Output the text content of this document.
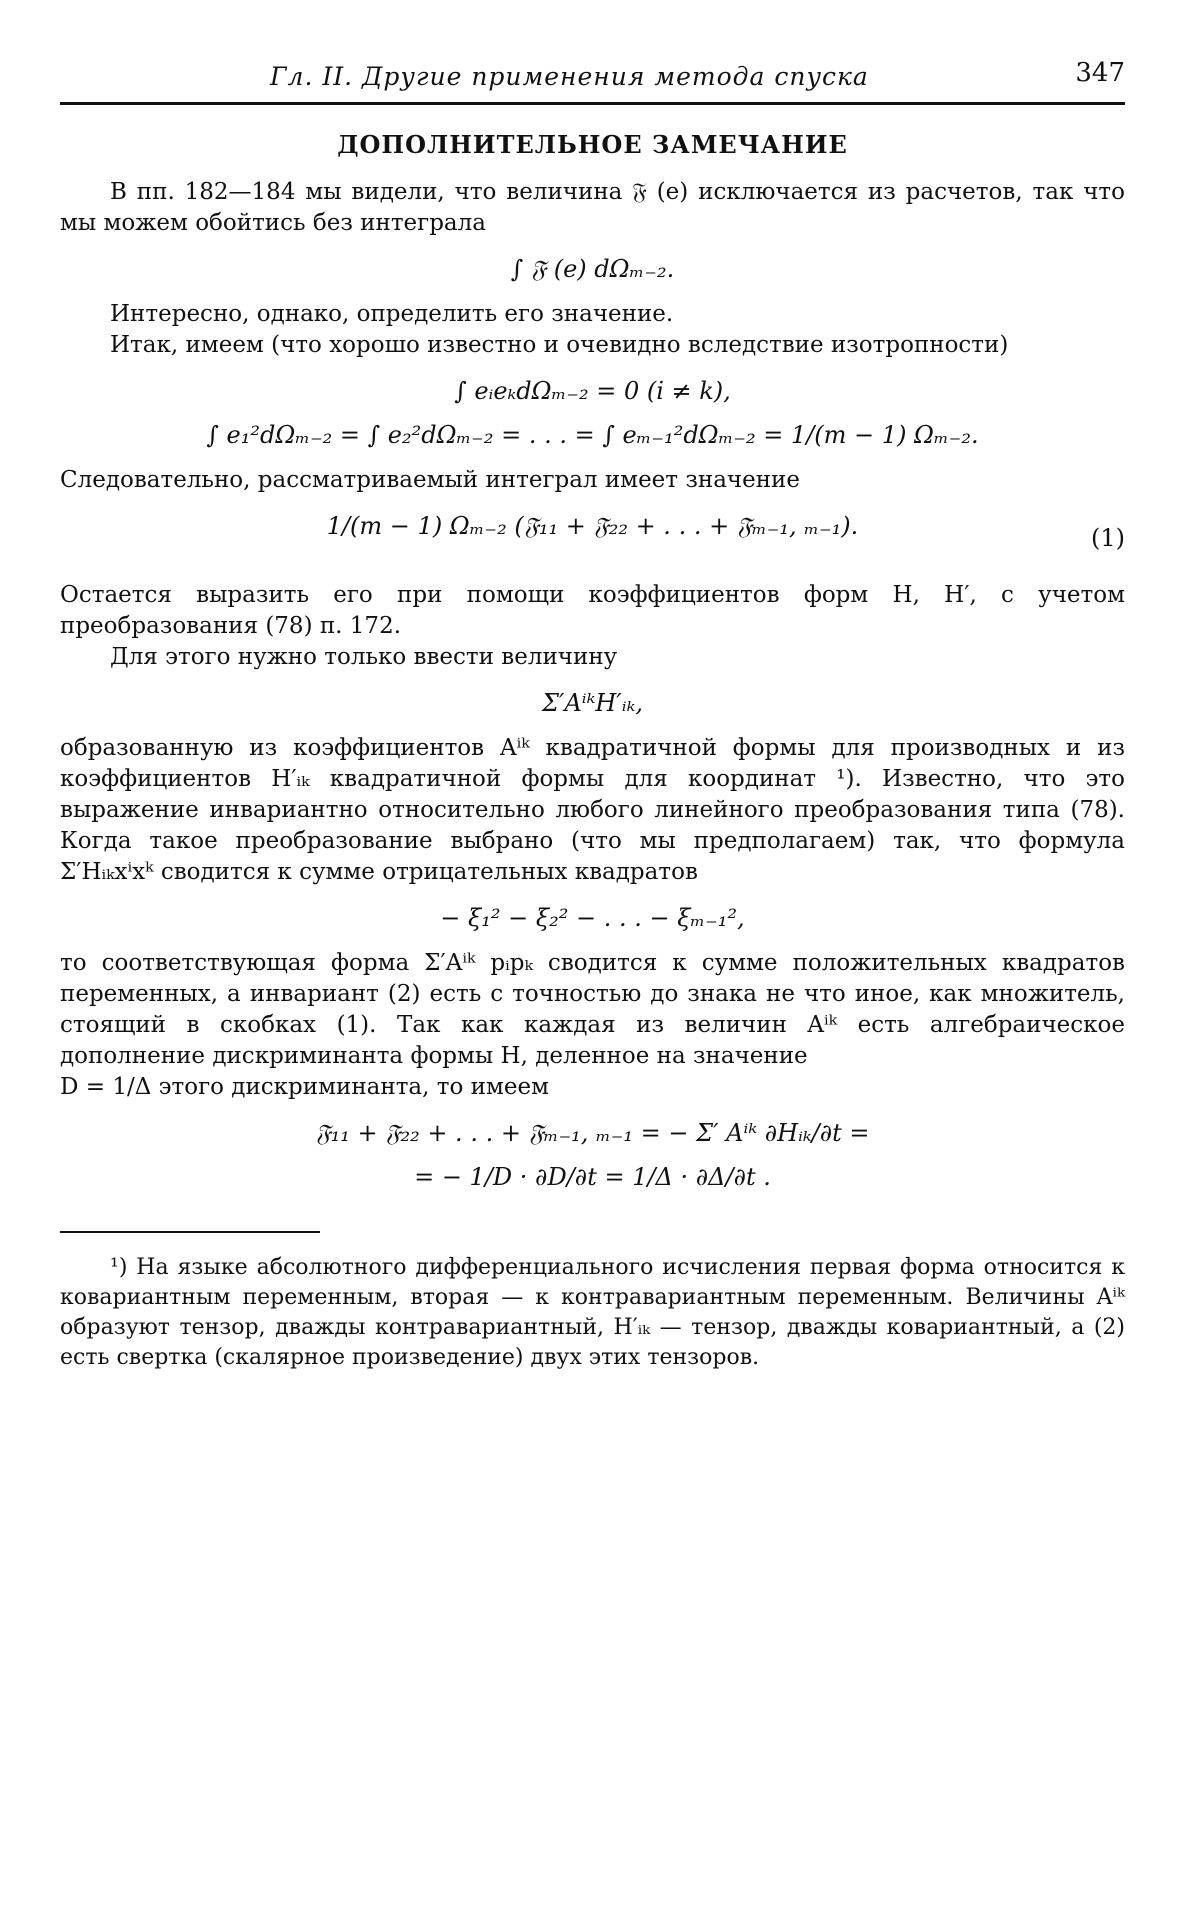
Гл. II. Другие применения метода спуска	347
ДОПОЛНИТЕЛЬНОЕ ЗАМЕЧАНИЕ

В пп. 182—184 мы видели, что величина 𝔉 (e) исключается из расчетов, так что мы можем обойтись без интеграла

∫ 𝔉 (e) dΩₘ₋₂.

Интересно, однако, определить его значение.

Итак, имеем (что хорошо известно и очевидно вследствие изотропности)

∫ eᵢeₖdΩₘ₋₂ = 0 (i ≠ k),
∫ e₁²dΩₘ₋₂ = ∫ e₂²dΩₘ₋₂ = . . . = ∫ eₘ₋₁²dΩₘ₋₂ = 1/(m − 1) Ωₘ₋₂.

Следовательно, рассматриваемый интеграл имеет значение

1/(m − 1) Ωₘ₋₂ (𝔉₁₁ + 𝔉₂₂ + . . . + 𝔉ₘ₋₁, ₘ₋₁).	(1)

Остается выразить его при помощи коэффициентов форм H, H′, с учетом преобразования (78) п. 172.

Для этого нужно только ввести величину

Σ′AⁱᵏH′ᵢₖ,

образованную из коэффициентов Aⁱᵏ квадратичной формы для производных и из коэффициентов H′ᵢₖ квадратичной формы для координат ¹). Известно, что это выражение инвариантно относительно любого линейного преобразования типа (78). Когда такое преобразование выбрано (что мы предполагаем) так, что формула Σ′Hᵢₖxⁱxᵏ сводится к сумме отрицательных квадратов

− ξ₁² − ξ₂² − . . . − ξₘ₋₁²,

то соответствующая форма Σ′Aⁱᵏ pᵢpₖ сводится к сумме положительных квадратов переменных, а инвариант (2) есть с точностью до знака не что иное, как множитель, стоящий в скобках (1). Так как каждая из величин Aⁱᵏ есть алгебраическое дополнение дискриминанта формы H, деленное на значение

D = 1/Δ этого дискриминанта, то имеем

𝔉₁₁ + 𝔉₂₂ + . . . + 𝔉ₘ₋₁, ₘ₋₁ = − Σ′ Aⁱᵏ ∂Hᵢₖ/∂t =
= − 1/D · ∂D/∂t = 1/Δ · ∂Δ/∂t .

¹) На языке абсолютного дифференциального исчисления первая форма относится к ковариантным переменным, вторая — к контравариантным переменным. Величины Aⁱᵏ образуют тензор, дважды контравариантный, H′ᵢₖ — тензор, дважды ковариантный, а (2) есть свертка (скалярное произведение) двух этих тензоров.
